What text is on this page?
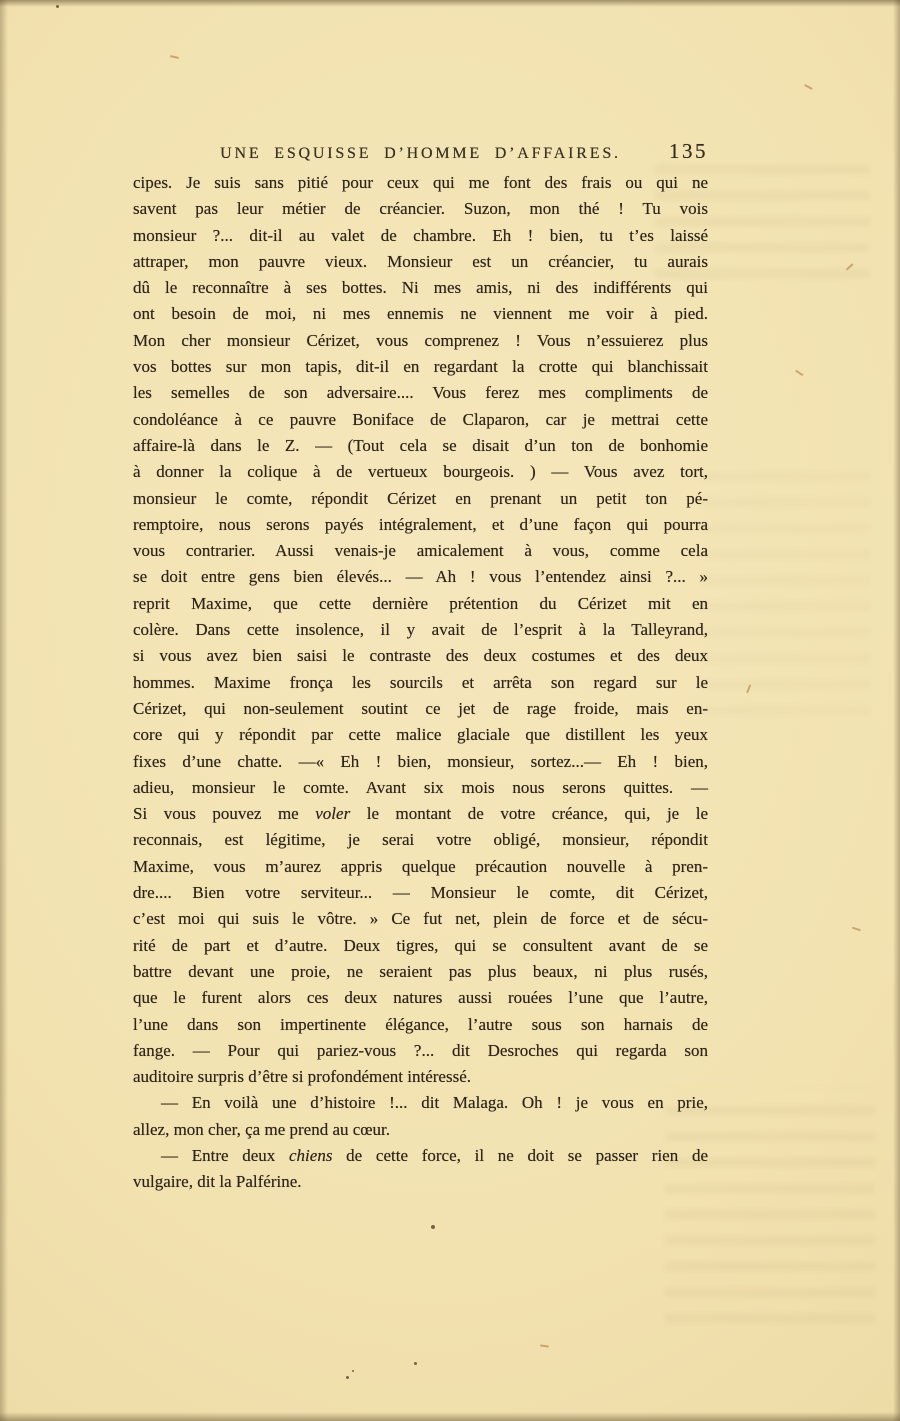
UNE ESQUISSE D’HOMME D’AFFAIRES. 135
cipes. Je suis sans pitié pour ceux qui me font des frais ou qui ne
savent pas leur métier de créancier. Suzon, mon thé ! Tu vois
monsieur ?... dit-il au valet de chambre. Eh ! bien, tu t’es laissé
attraper, mon pauvre vieux. Monsieur est un créancier, tu aurais
dû le reconnaître à ses bottes. Ni mes amis, ni des indifférents qui
ont besoin de moi, ni mes ennemis ne viennent me voir à pied.
Mon cher monsieur Cérizet, vous comprenez ! Vous n’essuierez plus
vos bottes sur mon tapis, dit-il en regardant la crotte qui blanchissait
les semelles de son adversaire.... Vous ferez mes compliments de
condoléance à ce pauvre Boniface de Claparon, car je mettrai cette
affaire-là dans le Z. — (Tout cela se disait d’un ton de bonhomie
à donner la colique à de vertueux bourgeois. ) — Vous avez tort,
monsieur le comte, répondit Cérizet en prenant un petit ton pé-
remptoire, nous serons payés intégralement, et d’une façon qui pourra
vous contrarier. Aussi venais-je amicalement à vous, comme cela
se doit entre gens bien élevés... — Ah ! vous l’entendez ainsi ?... »
reprit Maxime, que cette dernière prétention du Cérizet mit en
colère. Dans cette insolence, il y avait de l’esprit à la Talleyrand,
si vous avez bien saisi le contraste des deux costumes et des deux
hommes. Maxime fronça les sourcils et arrêta son regard sur le
Cérizet, qui non-seulement soutint ce jet de rage froide, mais en-
core qui y répondit par cette malice glaciale que distillent les yeux
fixes d’une chatte. —« Eh ! bien, monsieur, sortez...— Eh ! bien,
adieu, monsieur le comte. Avant six mois nous serons quittes. —
Si vous pouvez me voler le montant de votre créance, qui, je le
reconnais, est légitime, je serai votre obligé, monsieur, répondit
Maxime, vous m’aurez appris quelque précaution nouvelle à pren-
dre.... Bien votre serviteur... — Monsieur le comte, dit Cérizet,
c’est moi qui suis le vôtre. » Ce fut net, plein de force et de sécu-
rité de part et d’autre. Deux tigres, qui se consultent avant de se
battre devant une proie, ne seraient pas plus beaux, ni plus rusés,
que le furent alors ces deux natures aussi rouées l’une que l’autre,
l’une dans son impertinente élégance, l’autre sous son harnais de
fange. — Pour qui pariez-vous ?... dit Desroches qui regarda son
auditoire surpris d’être si profondément intéressé.
— En voilà une d’histoire !... dit Malaga. Oh ! je vous en prie,
allez, mon cher, ça me prend au cœur.
— Entre deux chiens de cette force, il ne doit se passer rien de
vulgaire, dit la Palférine.
